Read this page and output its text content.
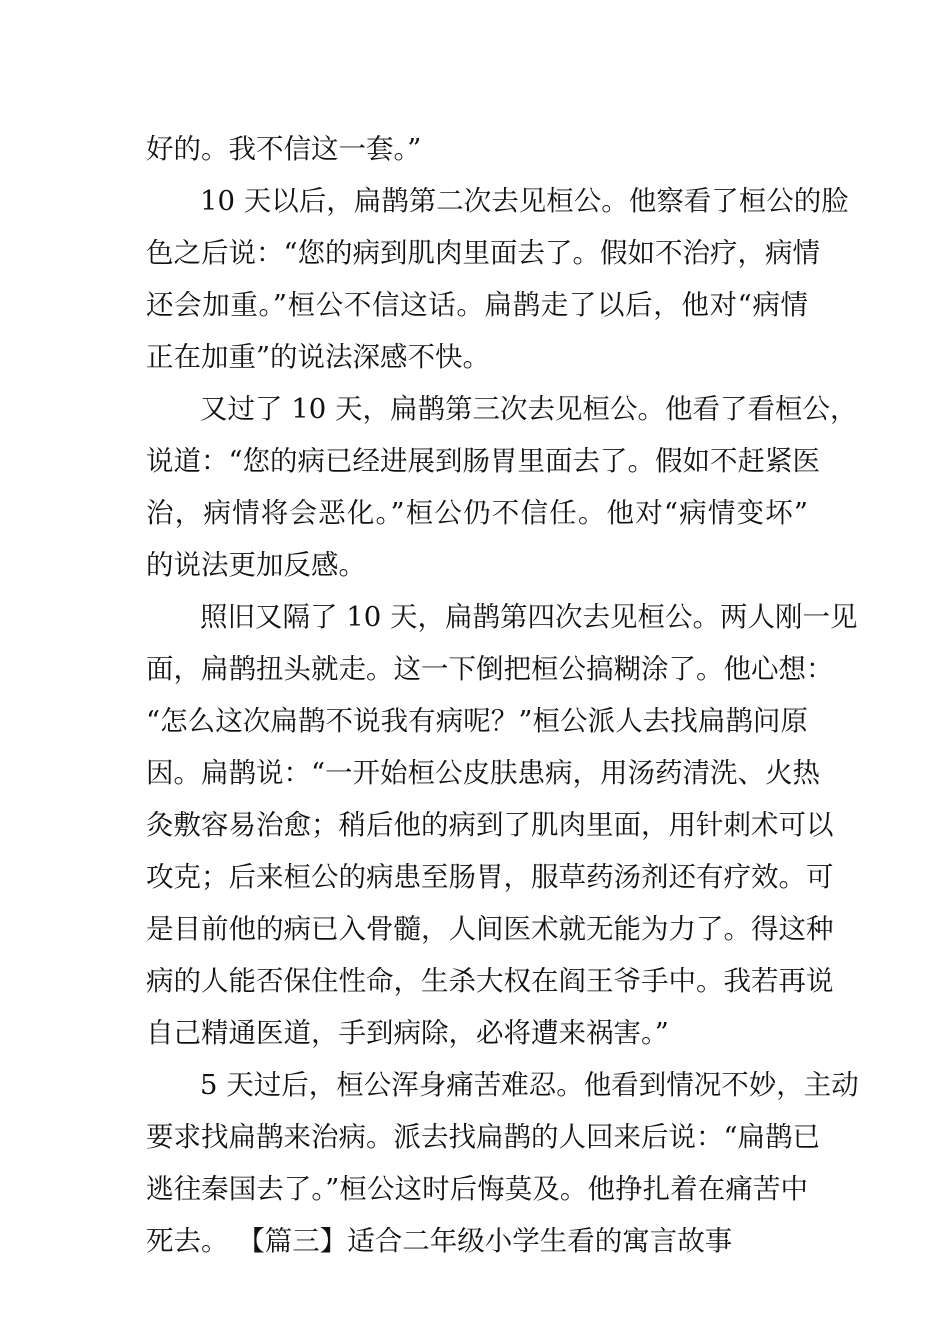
好的。我不信这一套。”
10 天以后，扁鹊第二次去见桓公。他察看了桓公的脸
色之后说：“您的病到肌肉里面去了。假如不治疗，病情
还会加重。”桓公不信这话。扁鹊走了以后，他对“病情
正在加重”的说法深感不快。
又过了 10 天，扁鹊第三次去见桓公。他看了看桓公，
说道：“您的病已经进展到肠胃里面去了。假如不赶紧医
治，病情将会恶化。”桓公仍不信任。他对“病情变坏”
的说法更加反感。
照旧又隔了 10 天，扁鹊第四次去见桓公。两人刚一见
面，扁鹊扭头就走。这一下倒把桓公搞糊涂了。他心想：
“怎么这次扁鹊不说我有病呢？”桓公派人去找扁鹊问原
因。扁鹊说：“一开始桓公皮肤患病，用汤药清洗、火热
灸敷容易治愈；稍后他的病到了肌肉里面，用针刺术可以
攻克；后来桓公的病患至肠胃，服草药汤剂还有疗效。可
是目前他的病已入骨髓，人间医术就无能为力了。得这种
病的人能否保住性命，生杀大权在阎王爷手中。我若再说
自己精通医道，手到病除，必将遭来祸害。”
5 天过后，桓公浑身痛苦难忍。他看到情况不妙，主动
要求找扁鹊来治病。派去找扁鹊的人回来后说：“扁鹊已
逃往秦国去了。”桓公这时后悔莫及。他挣扎着在痛苦中
死去。 【篇三】适合二年级小学生看的寓言故事
